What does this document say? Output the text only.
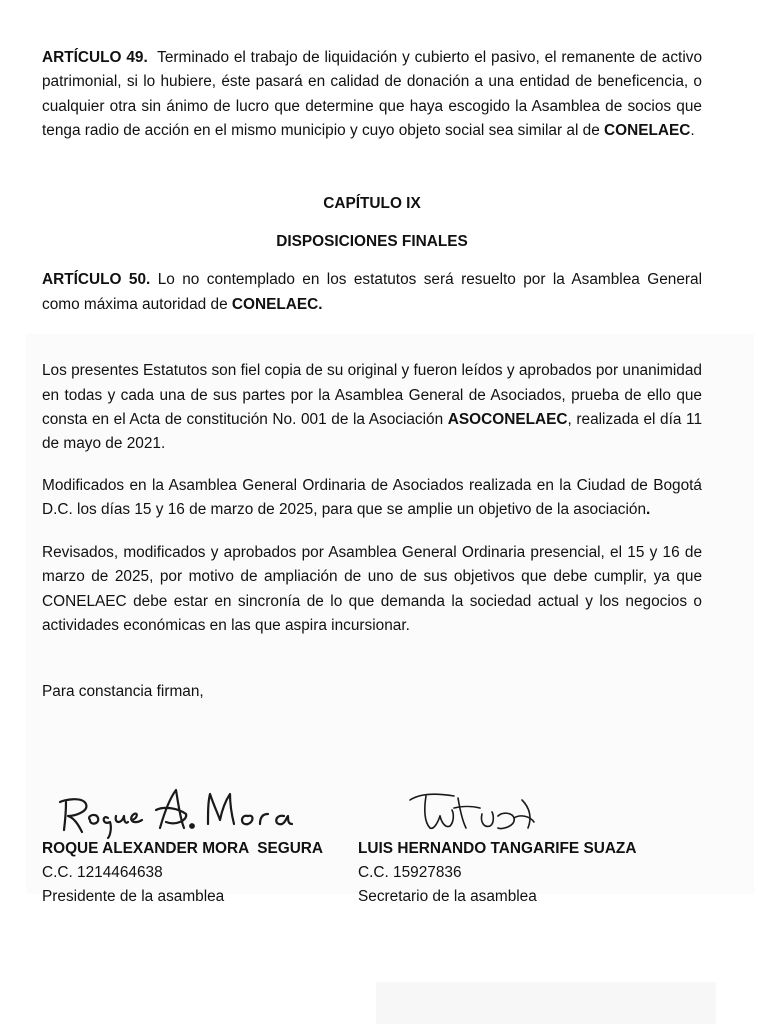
ARTÍCULO 49. Terminado el trabajo de liquidación y cubierto el pasivo, el remanente de activo patrimonial, si lo hubiere, éste pasará en calidad de donación a una entidad de beneficencia, o cualquier otra sin ánimo de lucro que determine que haya escogido la Asamblea de socios que tenga radio de acción en el mismo municipio y cuyo objeto social sea similar al de CONELAEC.

CAPÍTULO IX

DISPOSICIONES FINALES

ARTÍCULO 50. Lo no contemplado en los estatutos será resuelto por la Asamblea General como máxima autoridad de CONELAEC.

Los presentes Estatutos son fiel copia de su original y fueron leídos y aprobados por unanimidad en todas y cada una de sus partes por la Asamblea General de Asociados, prueba de ello que consta en el Acta de constitución No. 001 de la Asociación ASOCONELAEC, realizada el día 11 de mayo de 2021.

Modificados en la Asamblea General Ordinaria de Asociados realizada en la Ciudad de Bogotá D.C. los días 15 y 16 de marzo de 2025, para que se amplie un objetivo de la asociación.

Revisados, modificados y aprobados por Asamblea General Ordinaria presencial, el 15 y 16 de marzo de 2025, por motivo de ampliación de uno de sus objetivos que debe cumplir, ya que CONELAEC debe estar en sincronía de lo que demanda la sociedad actual y los negocios o actividades económicas en las que aspira incursionar.

Para constancia firman,

ROQUE ALEXANDER MORA  SEGURA
C.C. 1214464638
Presidente de la asamblea
LUIS HERNANDO TANGARIFE SUAZA
C.C. 15927836
Secretario de la asamblea
